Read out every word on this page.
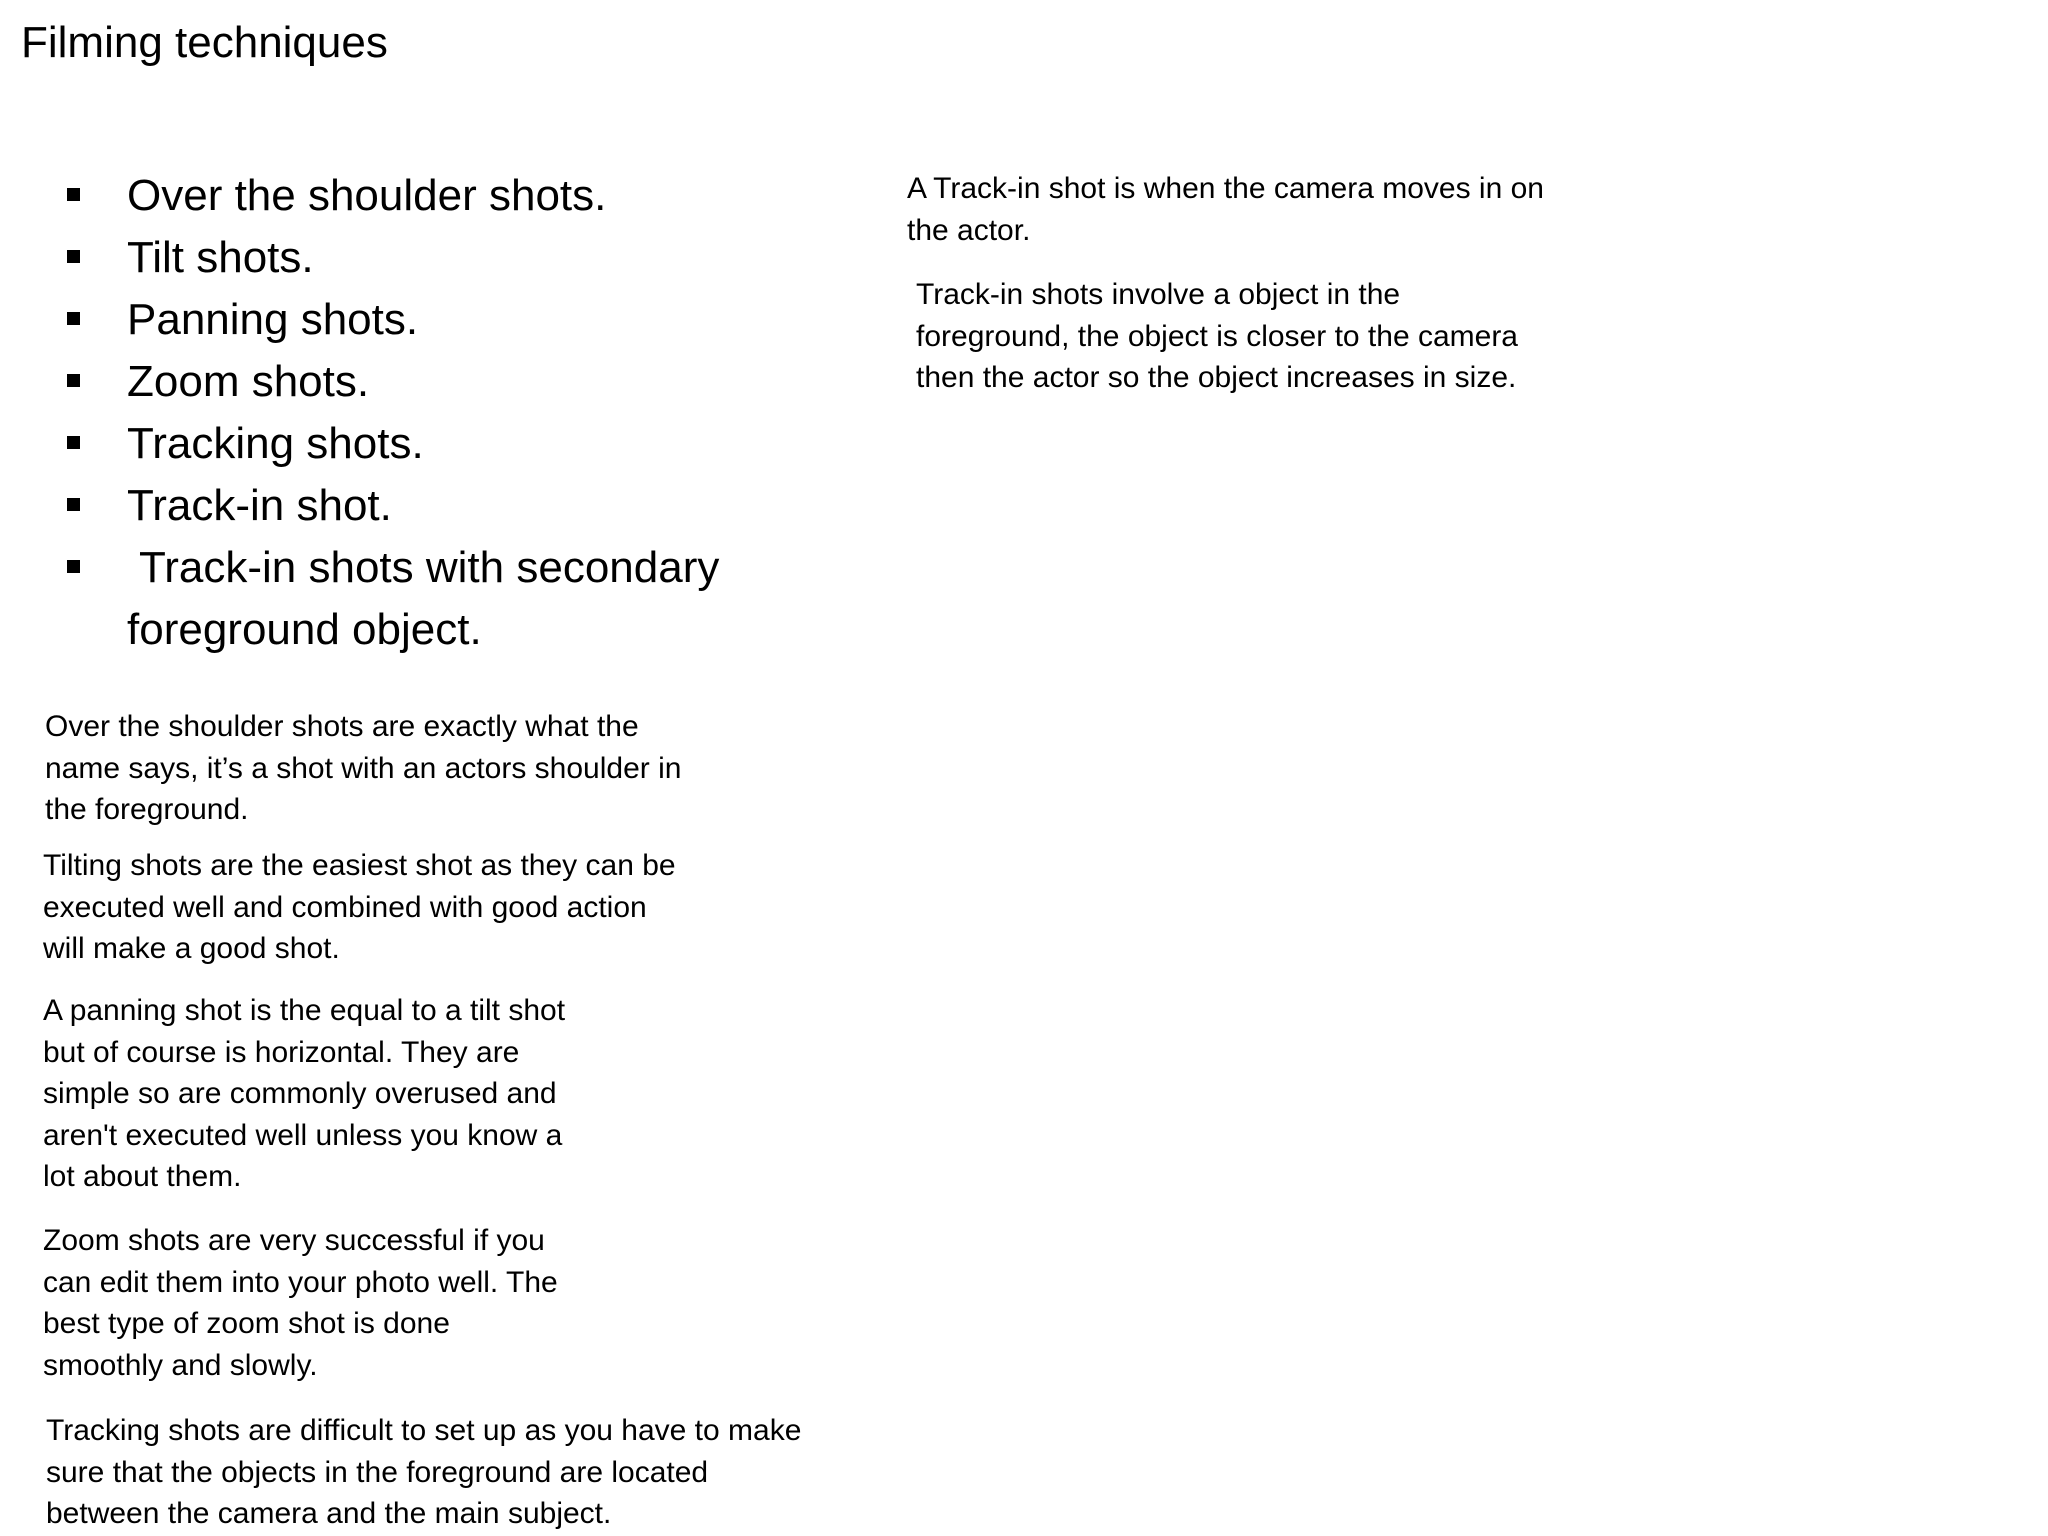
Filming techniques
Over the shoulder shots.
Tilt shots.
Panning shots.
Zoom shots.
Tracking shots.
Track-in shot.
Track-in shots with secondary foreground object.
Over the shoulder shots are exactly what the
name says, it’s a shot with an actors shoulder in
the foreground.
Tilting shots are the easiest shot as they can be
executed well and combined with good action
will make a good shot.
A panning shot is the equal to a tilt shot
but of course is horizontal. They are
simple so are commonly overused and
aren't executed well unless you know a
lot about them.
Zoom shots are very successful if you
can edit them into your photo well. The
best type of zoom shot is done
smoothly and slowly.
Tracking shots are difficult to set up as you have to make
sure that the objects in the foreground are located
between the camera and the main subject.
A Track-in shot is when the camera moves in on
the actor.
Track-in shots involve a object in the
foreground, the object is closer to the camera
then the actor so the object increases in size.
